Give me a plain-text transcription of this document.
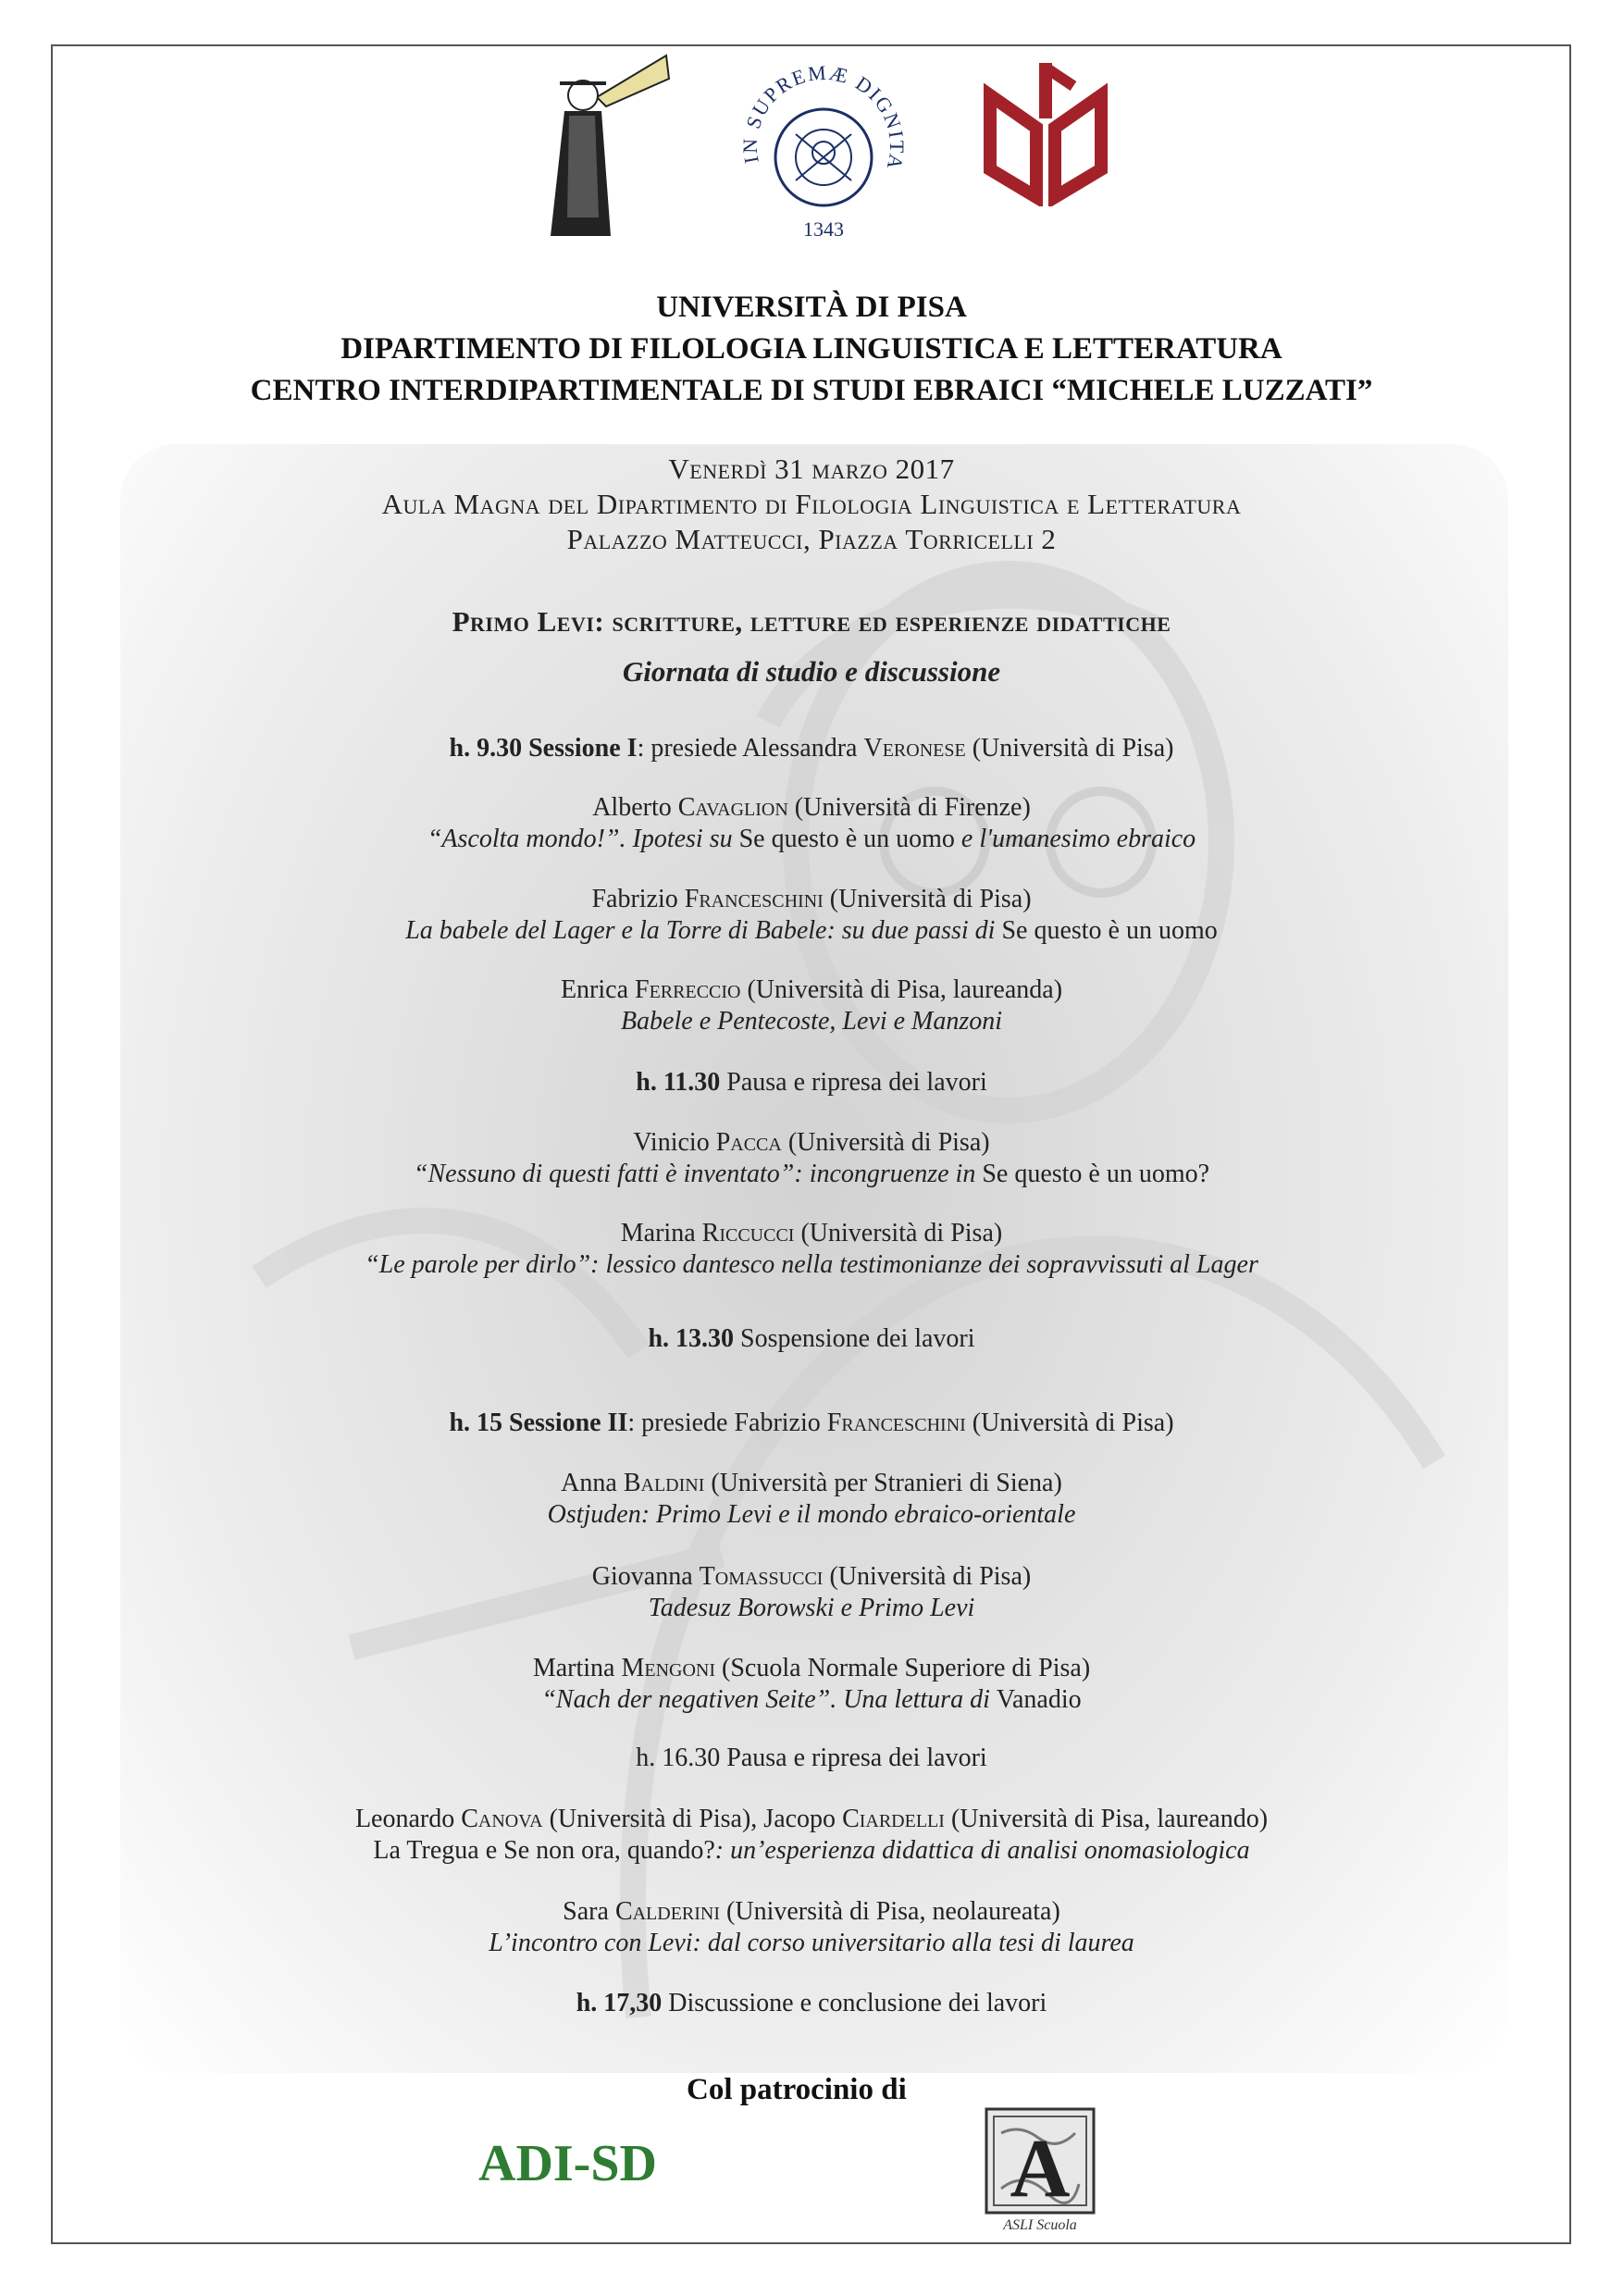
IN SUPREMÆ DIGNITA
1343
UNIVERSITÀ DI PISA
DIPARTIMENTO DI FILOLOGIA LINGUISTICA E LETTERATURA
CENTRO INTERDIPARTIMENTALE DI STUDI EBRAICI “MICHELE LUZZATI”
Venerdì 31 marzo 2017
Aula Magna del Dipartimento di Filologia Linguistica e Letteratura
Palazzo Matteucci, Piazza Torricelli 2
Primo Levi: scritture, letture ed esperienze didattiche
Giornata di studio e discussione
h. 9.30 Sessione I: presiede Alessandra Veronese (Università di Pisa)
Alberto Cavaglion (Università di Firenze)
“Ascolta mondo!”. Ipotesi su Se questo è un uomo e l'umanesimo ebraico
Fabrizio Franceschini (Università di Pisa)
La babele del Lager e la Torre di Babele: su due passi di Se questo è un uomo
Enrica Ferreccio (Università di Pisa, laureanda)
Babele e Pentecoste, Levi e Manzoni
h. 11.30 Pausa e ripresa dei lavori
Vinicio Pacca (Università di Pisa)
“Nessuno di questi fatti è inventato”: incongruenze in Se questo è un uomo?
Marina Riccucci (Università di Pisa)
“Le parole per dirlo”: lessico dantesco nella testimonianze dei sopravvissuti al Lager
h. 13.30 Sospensione dei lavori
h. 15 Sessione II: presiede Fabrizio Franceschini (Università di Pisa)
Anna Baldini (Università per Stranieri di Siena)
Ostjuden: Primo Levi e il mondo ebraico-orientale
Giovanna Tomassucci (Università di Pisa)
Tadesuz Borowski e Primo Levi
Martina Mengoni (Scuola Normale Superiore di Pisa)
“Nach der negativen Seite”. Una lettura di Vanadio
h. 16.30 Pausa e ripresa dei lavori
Leonardo Canova (Università di Pisa), Jacopo Ciardelli (Università di Pisa, laureando)
La Tregua e Se non ora, quando?: un’esperienza didattica di analisi onomasiologica
Sara Calderini (Università di Pisa, neolaureata)
L’incontro con Levi: dal corso universitario alla tesi di laurea
h. 17,30 Discussione e conclusione dei lavori
Col patrocinio di
ADI-SD	A
ASLI Scuola
